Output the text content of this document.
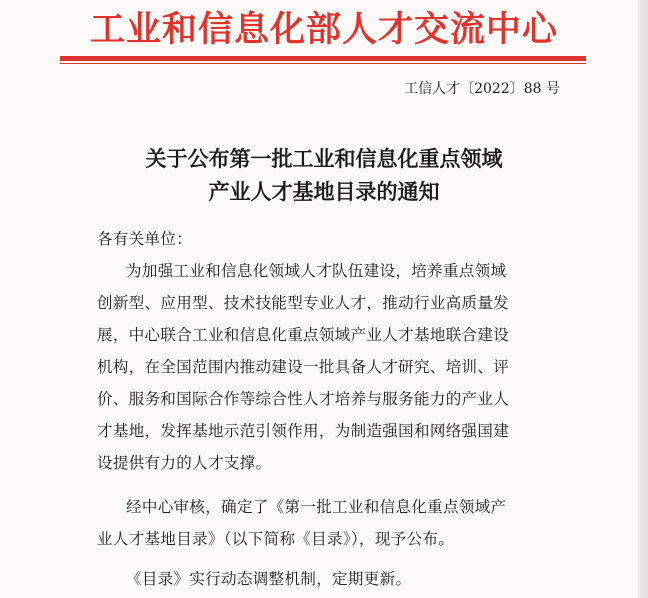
工业和信息化部人才交流中心
工信人才〔2022〕88 号
关于公布第一批工业和信息化重点领域
产业人才基地目录的通知
各有关单位：
为加强工业和信息化领域人才队伍建设，培养重点领域
创新型、应用型、技术技能型专业人才，推动行业高质量发
展，中心联合工业和信息化重点领域产业人才基地联合建设
机构，在全国范围内推动建设一批具备人才研究、培训、评
价、服务和国际合作等综合性人才培养与服务能力的产业人
才基地，发挥基地示范引领作用，为制造强国和网络强国建
设提供有力的人才支撑。
经中心审核，确定了《第一批工业和信息化重点领域产
业人才基地目录》（以下简称《目录》），现予公布。
《目录》实行动态调整机制，定期更新。
